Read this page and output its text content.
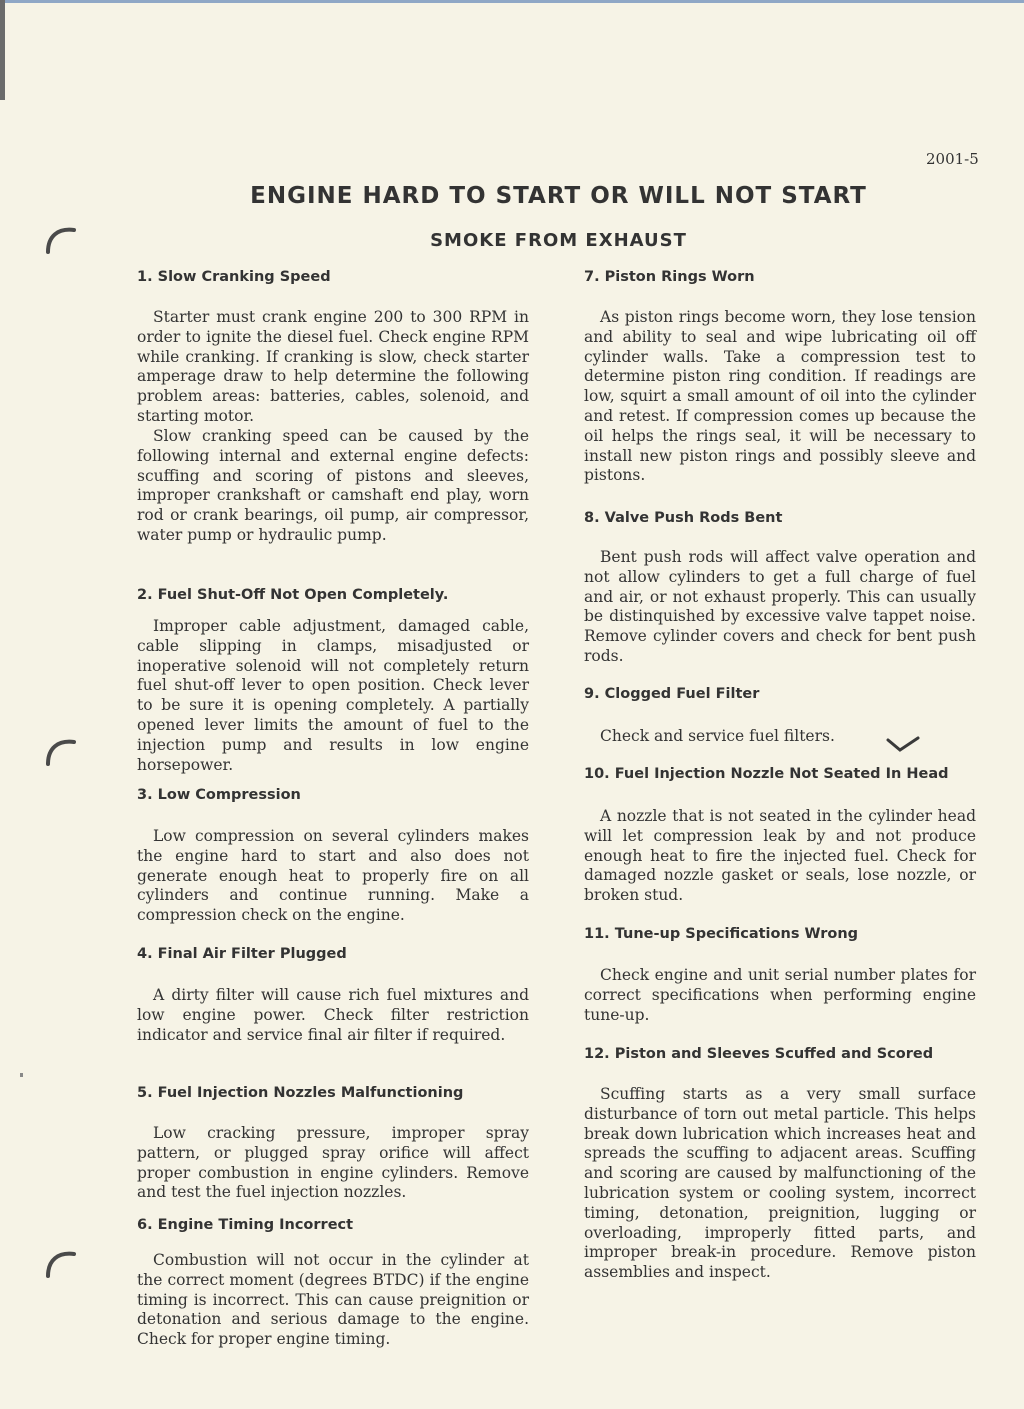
2001-5
ENGINE HARD TO START OR WILL NOT START
SMOKE FROM EXHAUST
1. Slow Cranking Speed

Starter must crank engine 200 to 300 RPM in order to ignite the diesel fuel. Check engine RPM while cranking. If cranking is slow, check starter amperage draw to help determine the following problem areas: batteries, cables, solenoid, and starting motor.

Slow cranking speed can be caused by the following internal and external engine defects: scuffing and scoring of pistons and sleeves, improper crankshaft or camshaft end play, worn rod or crank bearings, oil pump, air compressor, water pump or hydraulic pump.

2. Fuel Shut-Off Not Open Completely.

Improper cable adjustment, damaged cable, cable slipping in clamps, misadjusted or inoperative solenoid will not completely return fuel shut-off lever to open position. Check lever to be sure it is opening completely. A partially opened lever limits the amount of fuel to the injection pump and results in low engine horsepower.

3. Low Compression

Low compression on several cylinders makes the engine hard to start and also does not generate enough heat to properly fire on all cylinders and continue running. Make a compression check on the engine.

4. Final Air Filter Plugged

A dirty filter will cause rich fuel mixtures and low engine power. Check filter restriction indicator and service final air filter if required.

5. Fuel Injection Nozzles Malfunctioning

Low cracking pressure, improper spray pattern, or plugged spray orifice will affect proper combustion in engine cylinders. Remove and test the fuel injection nozzles.

6. Engine Timing Incorrect

Combustion will not occur in the cylinder at the correct moment (degrees BTDC) if the engine timing is incorrect. This can cause preignition or detonation and serious damage to the engine. Check for proper engine timing.

7. Piston Rings Worn

As piston rings become worn, they lose tension and ability to seal and wipe lubricating oil off cylinder walls. Take a compression test to determine piston ring condition. If readings are low, squirt a small amount of oil into the cylinder and retest. If compression comes up because the oil helps the rings seal, it will be necessary to install new piston rings and possibly sleeve and pistons.

8. Valve Push Rods Bent

Bent push rods will affect valve operation and not allow cylinders to get a full charge of fuel and air, or not exhaust properly. This can usually be distinquished by excessive valve tappet noise. Remove cylinder covers and check for bent push rods.

9. Clogged Fuel Filter

Check and service fuel filters.

10. Fuel Injection Nozzle Not Seated In Head

A nozzle that is not seated in the cylinder head will let compression leak by and not produce enough heat to fire the injected fuel. Check for damaged nozzle gasket or seals, lose nozzle, or broken stud.

11. Tune-up Specifications Wrong

Check engine and unit serial number plates for correct specifications when performing engine tune-up.

12. Piston and Sleeves Scuffed and Scored

Scuffing starts as a very small surface disturbance of torn out metal particle. This helps break down lubrication which increases heat and spreads the scuffing to adjacent areas. Scuffing and scoring are caused by malfunctioning of the lubrication system or cooling system, incorrect timing, detonation, preignition, lugging or overloading, improperly fitted parts, and improper break-in procedure. Remove piston assemblies and inspect.
